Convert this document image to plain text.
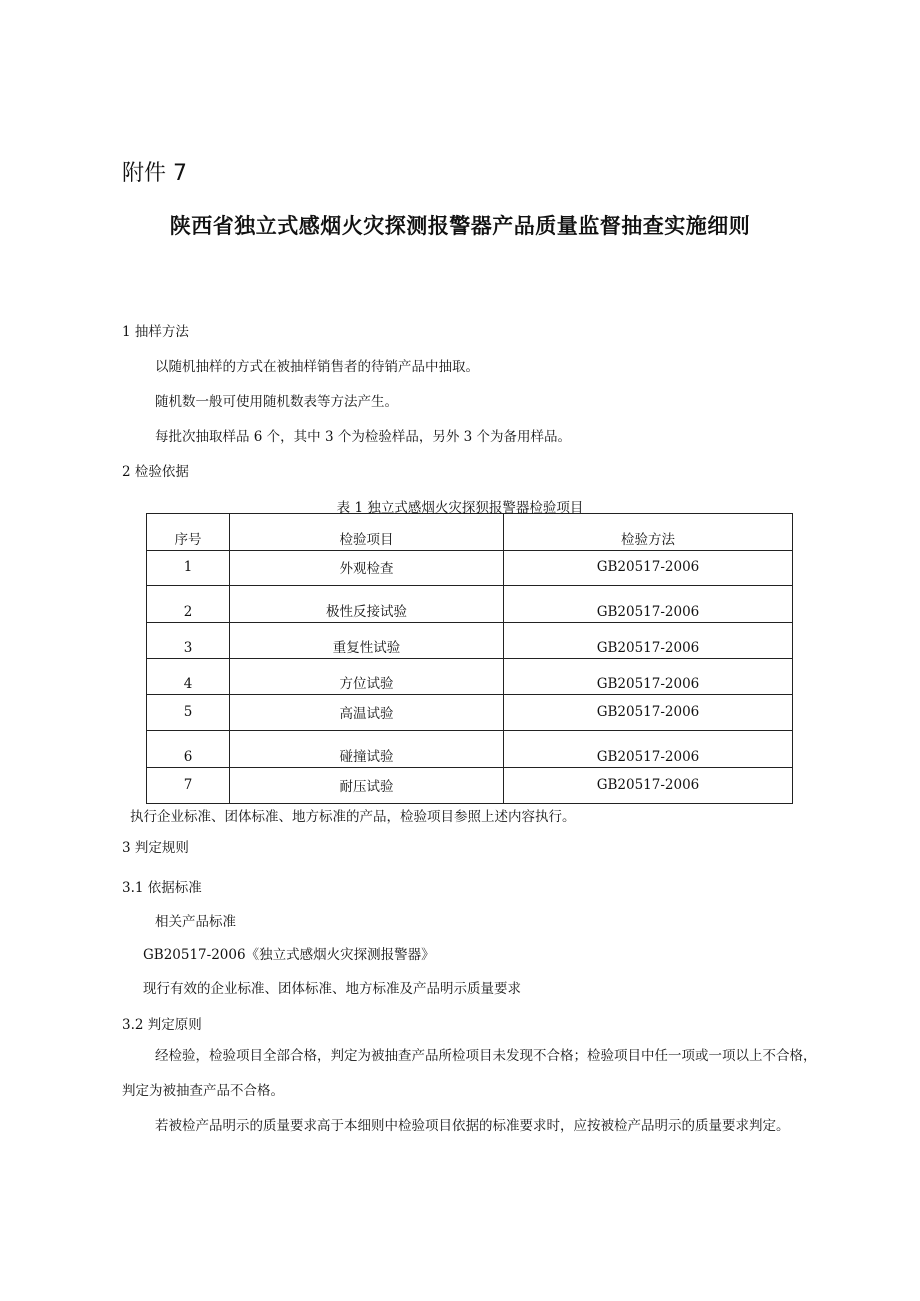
附件 7
陕西省独立式感烟火灾探测报警器产品质量监督抽查实施细则
1 抽样方法
以随机抽样的方式在被抽样销售者的待销产品中抽取。
随机数一般可使用随机数表等方法产生。
每批次抽取样品 6 个，其中 3 个为检验样品，另外 3 个为备用样品。
2 检验依据
表 1 独立式感烟火灾探狈报警器检验项目
序号	检验项目	检验方法
1	外观检查	GB20517-2006
2	极性反接试验	GB20517-2006
3	重复性试验	GB20517-2006
4	方位试验	GB20517-2006
5	高温试验	GB20517-2006
6	碰撞试验	GB20517-2006
7	耐压试验	GB20517-2006
执行企业标准、团体标准、地方标准的产品，检验项目参照上述内容执行。
3 判定规则
3.1 依据标准
相关产品标准
GB20517-2006《独立式感烟火灾探测报警器》
现行有效的企业标准、团体标准、地方标准及产品明示质量要求
3.2 判定原则
经检验，检验项目全部合格，判定为被抽查产品所检项目未发现不合格；检验项目中任一项或一项以上不合格，判定为被抽查产品不合格。
若被检产品明示的质量要求高于本细则中检验项目依据的标准要求时，应按被检产品明示的质量要求判定。
